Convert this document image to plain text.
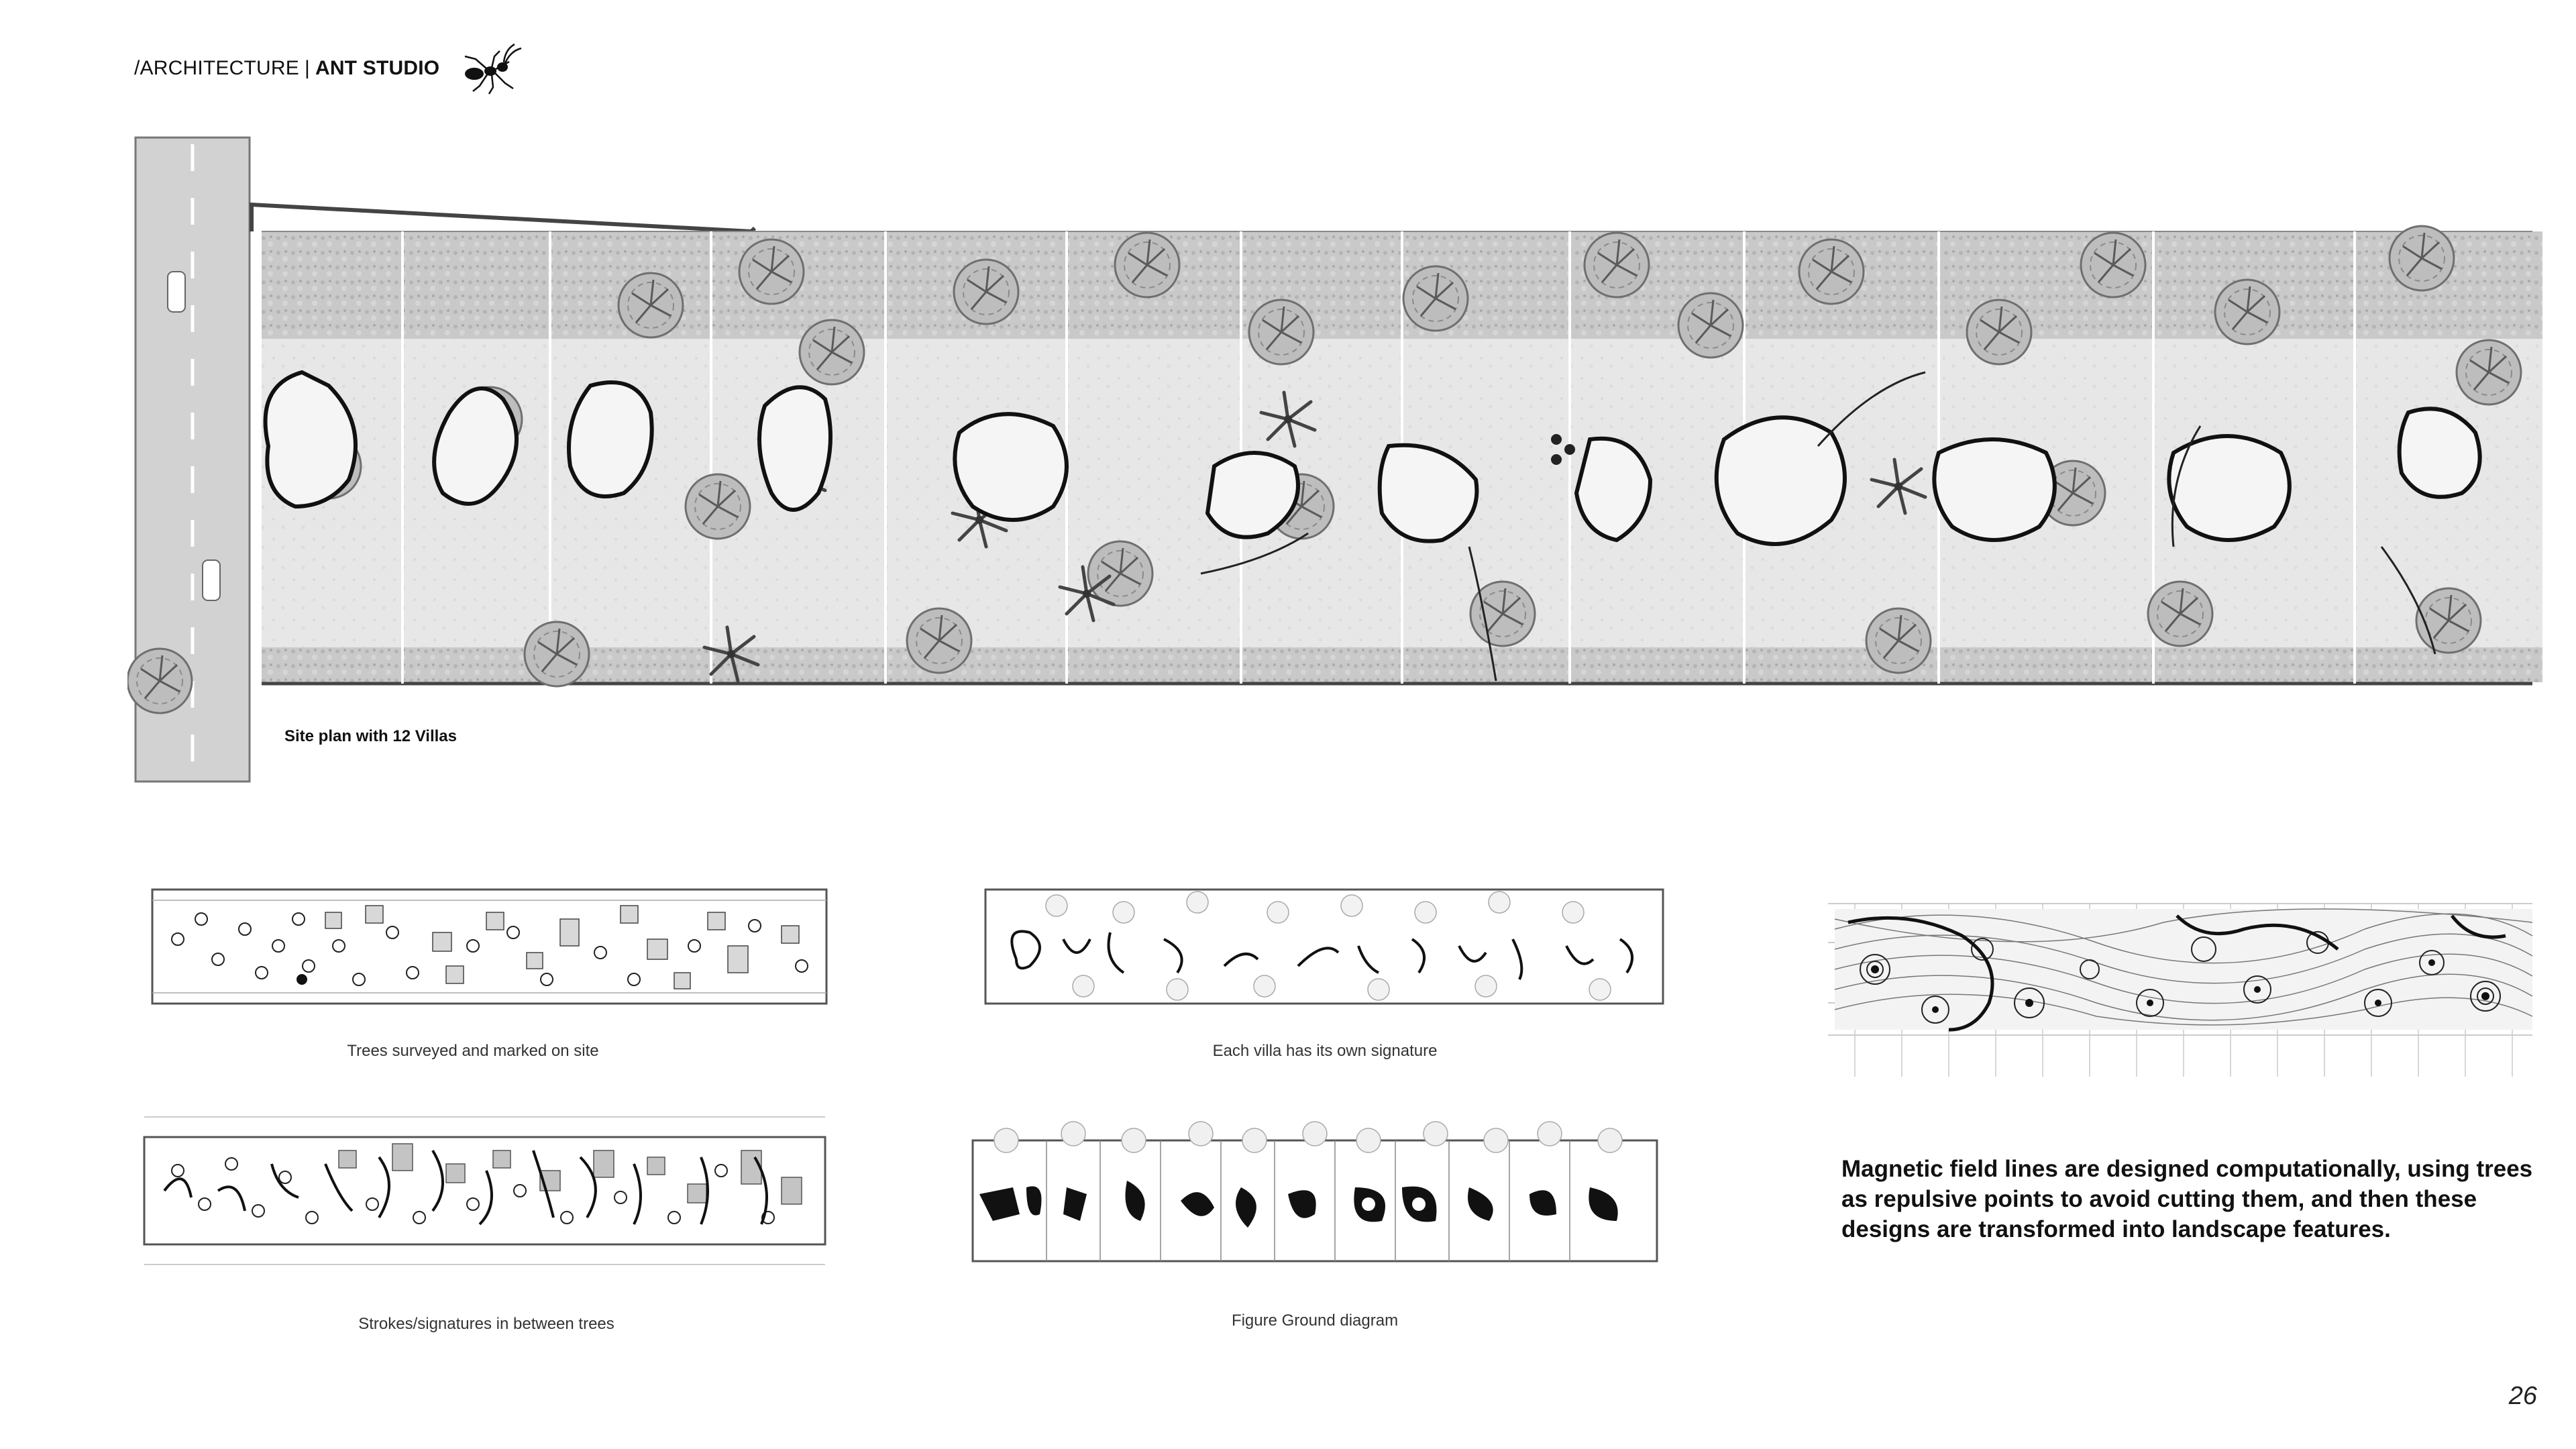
/ARCHITECTURE | ANT STUDIO
Site plan with 12 Villas
Trees surveyed and marked on site	Each villa has its own signature
Strokes/signatures in between trees	Figure Ground diagram
Magnetic field lines are designed computationally, using trees as repulsive points to avoid cutting them, and then these designs are transformed into landscape features.
26
